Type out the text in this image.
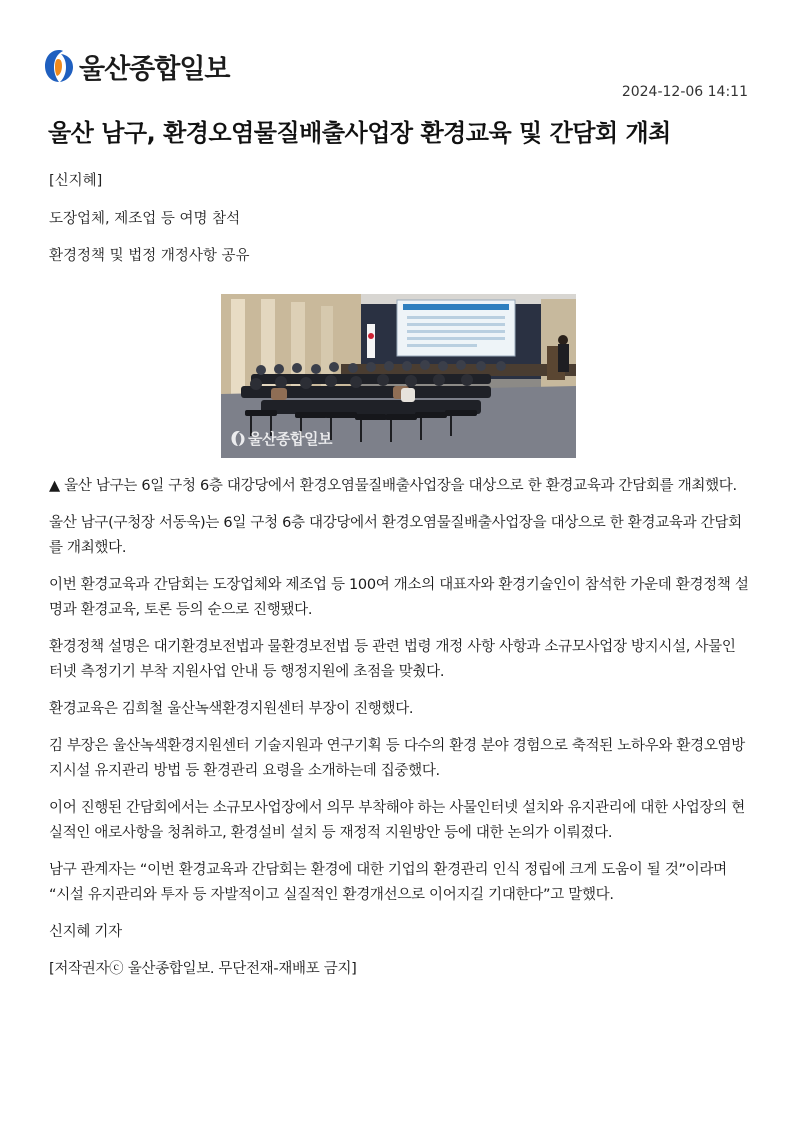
울산종합일보
2024-12-06 14:11
울산 남구, 환경오염물질배출사업장 환경교육 및 간담회 개최

[신지혜]

도장업체, 제조업 등 여명 참석

환경정책 및 법정 개정사항 공유

울산종합일보

▲ 울산 남구는 6일 구청 6층 대강당에서 환경오염물질배출사업장을 대상으로 한 환경교육과 간담회를 개최했다.

울산 남구(구청장 서동욱)는 6일 구청 6층 대강당에서 환경오염물질배출사업장을 대상으로 한 환경교육과 간담회를 개최했다.

이번 환경교육과 간담회는 도장업체와 제조업 등 100여 개소의 대표자와 환경기술인이 참석한 가운데 환경정책 설명과 환경교육, 토론 등의 순으로 진행됐다.

환경정책 설명은 대기환경보전법과 물환경보전법 등 관련 법령 개정 사항 사항과 소규모사업장 방지시설, 사물인터넷 측정기기 부착 지원사업 안내 등 행정지원에 초점을 맞췄다.

환경교육은 김희철 울산녹색환경지원센터 부장이 진행했다.

김 부장은 울산녹색환경지원센터 기술지원과 연구기획 등 다수의 환경 분야 경험으로 축적된 노하우와 환경오염방지시설 유지관리 방법 등 환경관리 요령을 소개하는데 집중했다.

이어 진행된 간담회에서는 소규모사업장에서 의무 부착해야 하는 사물인터넷 설치와 유지관리에 대한 사업장의 현실적인 애로사항을 청취하고, 환경설비 설치 등 재정적 지원방안 등에 대한 논의가 이뤄졌다.

남구 관계자는 “이번 환경교육과 간담회는 환경에 대한 기업의 환경관리 인식 정립에 크게 도움이 될 것”이라며 “시설 유지관리와 투자 등 자발적이고 실질적인 환경개선으로 이어지길 기대한다”고 말했다.

신지혜 기자

[저작권자ⓒ 울산종합일보. 무단전재-재배포 금지]
